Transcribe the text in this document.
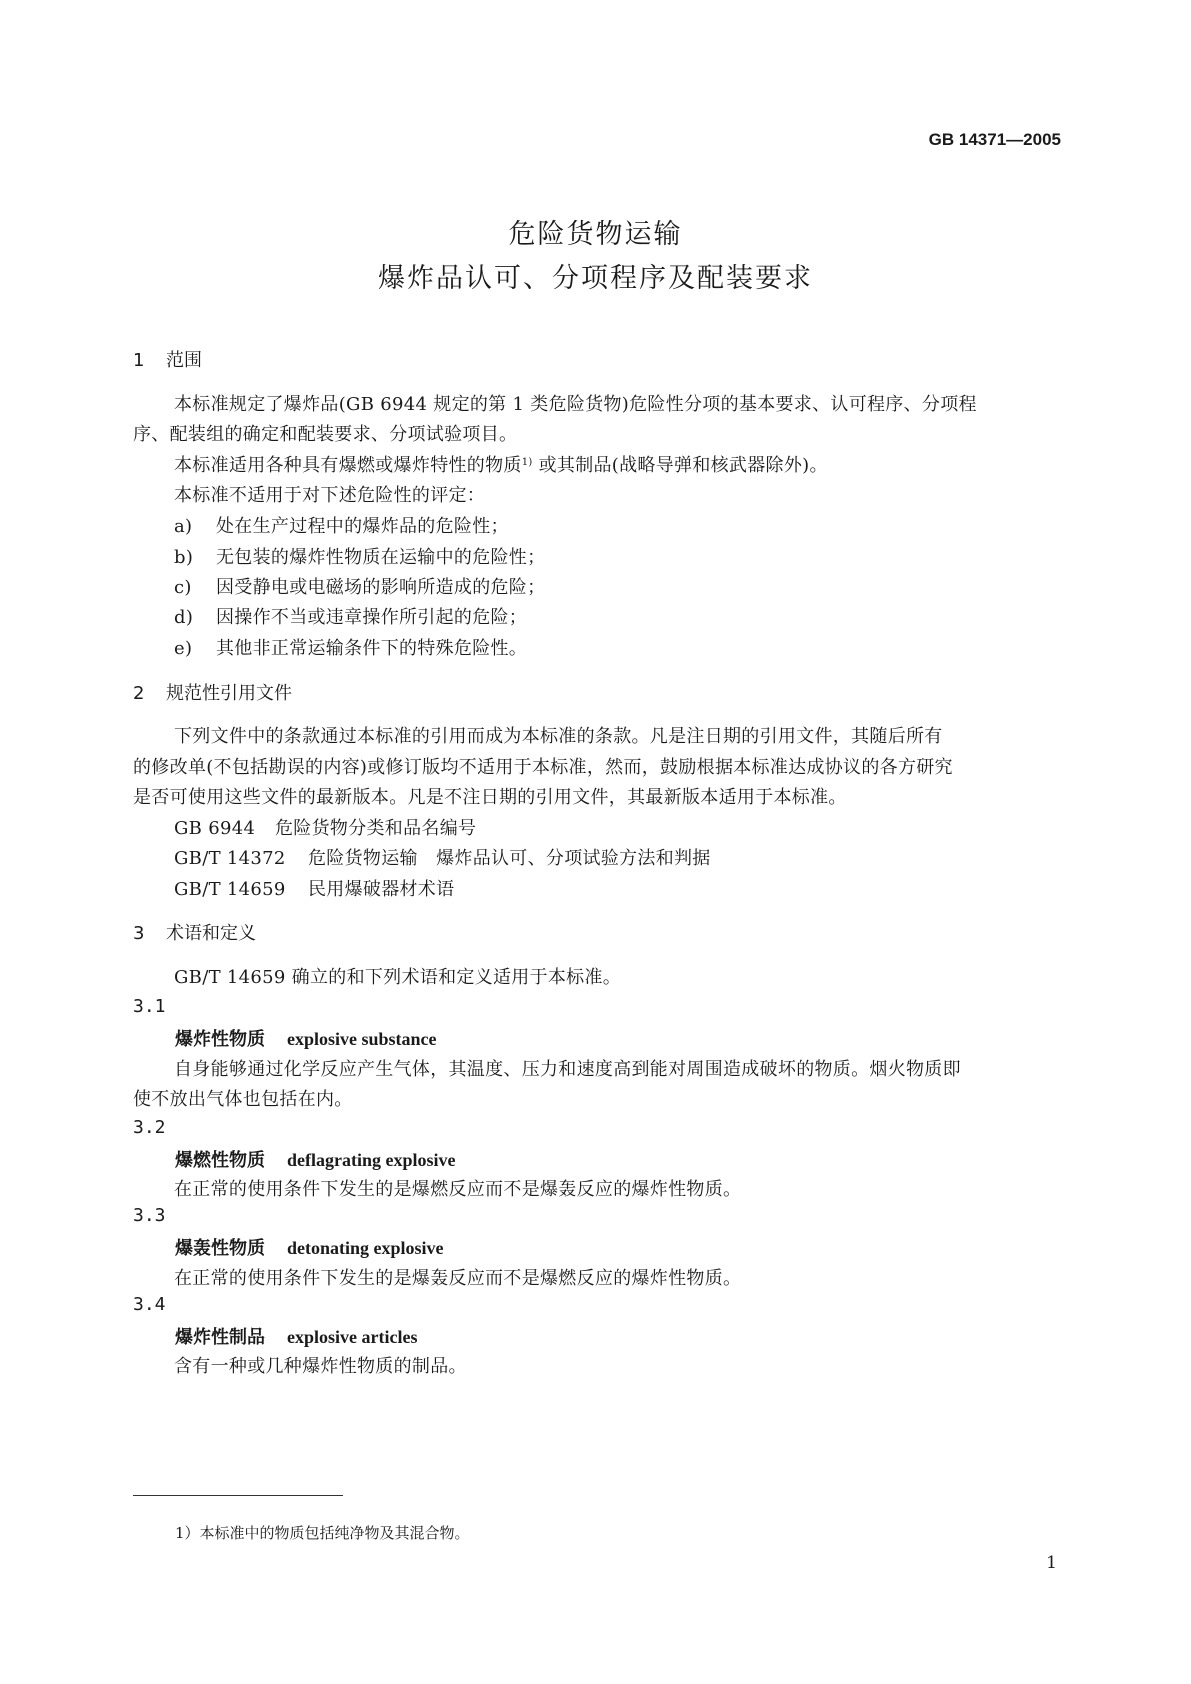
GB 14371—2005
危险货物运输
爆炸品认可、分项程序及配装要求
1 范围
本标准规定了爆炸品(GB 6944 规定的第 1 类危险货物)危险性分项的基本要求、认可程序、分项程
序、配装组的确定和配装要求、分项试验项目。
本标准适用各种具有爆燃或爆炸特性的物质$^{1)}$ 或其制品(战略导弹和核武器除外)。
本标准不适用于对下述危险性的评定：
a) 处在生产过程中的爆炸品的危险性；
b) 无包装的爆炸性物质在运输中的危险性；
c) 因受静电或电磁场的影响所造成的危险；
d) 因操作不当或违章操作所引起的危险；
e) 其他非正常运输条件下的特殊危险性。
2 规范性引用文件
下列文件中的条款通过本标准的引用而成为本标准的条款。凡是注日期的引用文件，其随后所有
的修改单(不包括勘误的内容)或修订版均不适用于本标准，然而，鼓励根据本标准达成协议的各方研究
是否可使用这些文件的最新版本。凡是不注日期的引用文件，其最新版本适用于本标准。
GB 6944 危险货物分类和品名编号
GB/T 14372 危险货物运输　爆炸品认可、分项试验方法和判据
GB/T 14659 民用爆破器材术语
3 术语和定义
GB/T 14659 确立的和下列术语和定义适用于本标准。
3.1
爆炸性物质 explosive substance
自身能够通过化学反应产生气体，其温度、压力和速度高到能对周围造成破坏的物质。烟火物质即
使不放出气体也包括在内。
3.2
爆燃性物质 deflagrating explosive
在正常的使用条件下发生的是爆燃反应而不是爆轰反应的爆炸性物质。
3.3
爆轰性物质 detonating explosive
在正常的使用条件下发生的是爆轰反应而不是爆燃反应的爆炸性物质。
3.4
爆炸性制品 explosive articles
含有一种或几种爆炸性物质的制品。
1）本标准中的物质包括纯净物及其混合物。
1
